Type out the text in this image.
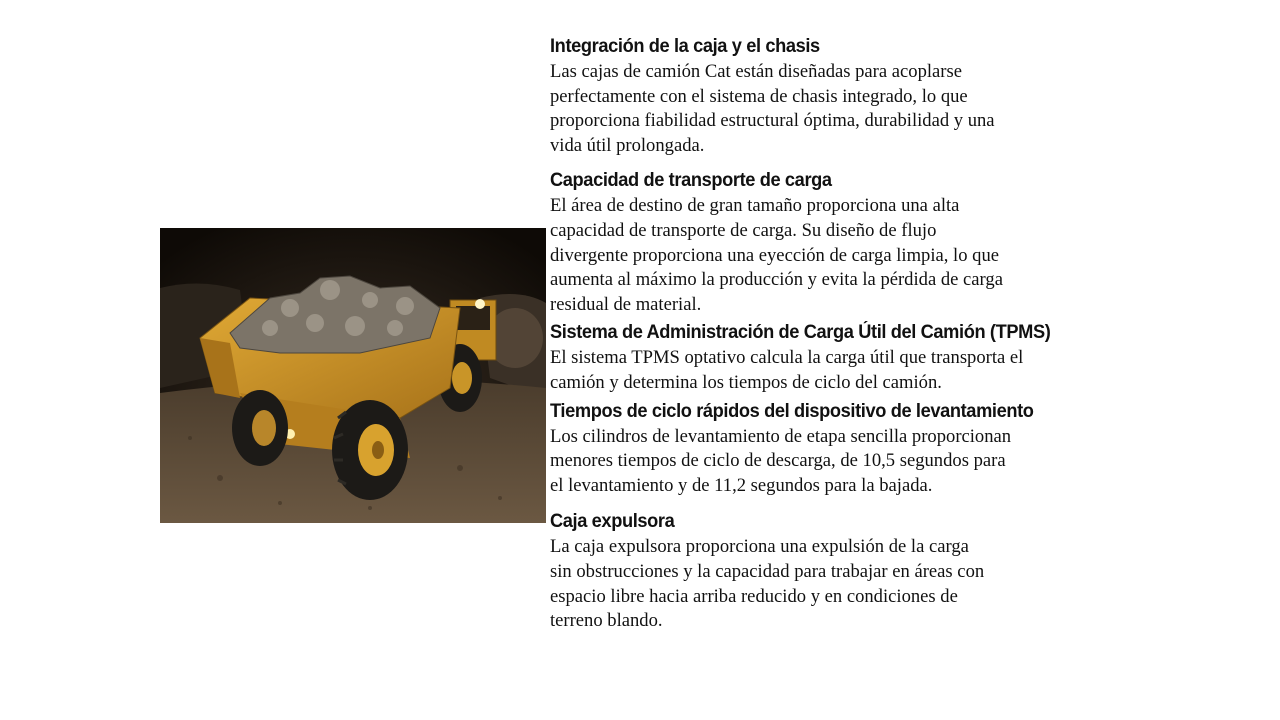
Integración de la caja y el chasis

Las cajas de camión Cat están diseñadas para acoplarse
perfectamente con el sistema de chasis integrado, lo que
proporciona fiabilidad estructural óptima, durabilidad y una
vida útil prolongada.

Capacidad de transporte de carga

El área de destino de gran tamaño proporciona una alta
capacidad de transporte de carga. Su diseño de flujo
divergente proporciona una eyección de carga limpia, lo que
aumenta al máximo la producción y evita la pérdida de carga
residual de material.

Sistema de Administración de Carga Útil del Camión (TPMS)

El sistema TPMS optativo calcula la carga útil que transporta el
camión y determina los tiempos de ciclo del camión.

Tiempos de ciclo rápidos del dispositivo de levantamiento

Los cilindros de levantamiento de etapa sencilla proporcionan
menores tiempos de ciclo de descarga, de 10,5 segundos para
el levantamiento y de 11,2 segundos para la bajada.

Caja expulsora

La caja expulsora proporciona una expulsión de la carga
sin obstrucciones y la capacidad para trabajar en áreas con
espacio libre hacia arriba reducido y en condiciones de
terreno blando.
